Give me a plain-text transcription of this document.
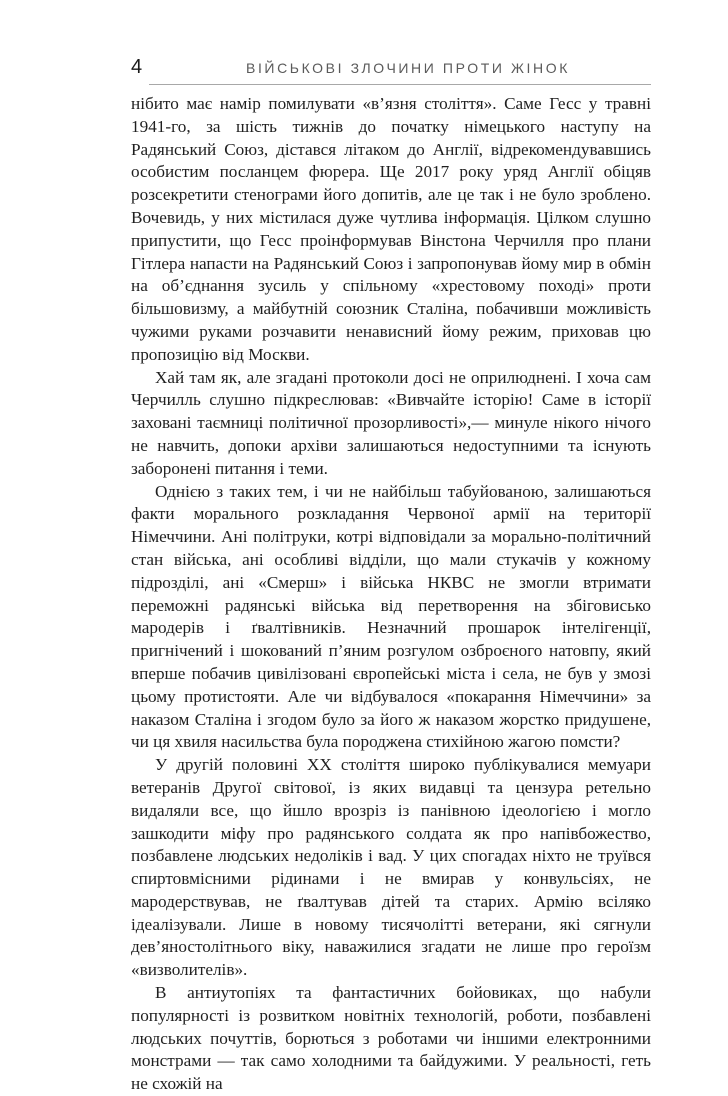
4	ВІЙСЬКОВІ ЗЛОЧИНИ ПРОТИ ЖІНОК

нібито має намір помилувати «в’язня століття». Саме Гесс у травні 1941-го, за шість тижнів до початку німецького наступу на Радянський Союз, дістався літаком до Англії, відрекомендувавшись особистим посланцем фюрера. Ще 2017 року уряд Англії обіцяв розсекретити стенограми його допитів, але це так і не було зроблено. Вочевидь, у них містилася дуже чутлива інформація. Цілком слушно припустити, що Гесс проінформував Вінстона Черчилля про плани Гітлера напасти на Радянський Союз і запропонував йому мир в обмін на об’єднання зусиль у спільному «хрестовому поході» проти більшовизму, а майбутній союзник Сталіна, побачивши можливість чужими руками розчавити ненависний йому режим, приховав цю пропозицію від Москви.

Хай там як, але згадані протоколи досі не оприлюднені. І хоча сам Черчилль слушно підкреслював: «Вивчайте історію! Саме в історії заховані таємниці політичної прозорливості»,— минуле нікого нічого не навчить, допоки архіви залишаються недоступними та існують заборонені питання і теми.

Однією з таких тем, і чи не найбільш табуйованою, залишаються факти морального розкладання Червоної армії на території Німеччини. Ані політруки, котрі відповідали за морально-політичний стан війська, ані особливі відділи, що мали стукачів у кожному підрозділі, ані «Смерш» і війська НКВС не змогли втримати переможні радянські війська від перетворення на збіговисько мародерів і ґвалтівників. Незначний прошарок інтелігенції, пригнічений і шокований п’яним розгулом озброєного натовпу, який вперше побачив цивілізовані європейські міста і села, не був у змозі цьому протистояти. Але чи відбувалося «покарання Німеччини» за наказом Сталіна і згодом було за його ж наказом жорстко придушене, чи ця хвиля насильства була породжена стихійною жагою помсти?

У другій половині XX століття широко публікувалися мемуари ветеранів Другої світової, із яких видавці та цензура ретельно видаляли все, що йшло врозріз із панівною ідеологією і могло зашкодити міфу про радянського солдата як про напівбожество, позбавлене людських недоліків і вад. У цих спогадах ніхто не труївся спиртовмісними рідинами і не вмирав у конвульсіях, не мародерствував, не ґвалтував дітей та старих. Армію всіляко ідеалізували. Лише в новому тисячолітті ветерани, які сягнули дев’яностолітнього віку, наважилися згадати не лише про героїзм «визволителів».

В антиутопіях та фантастичних бойовиках, що набули популярності із розвитком новітніх технологій, роботи, позбавлені людських почуттів, борються з роботами чи іншими електронними монстрами — так само холодними та байдужими. У реальності, геть не схожій на
